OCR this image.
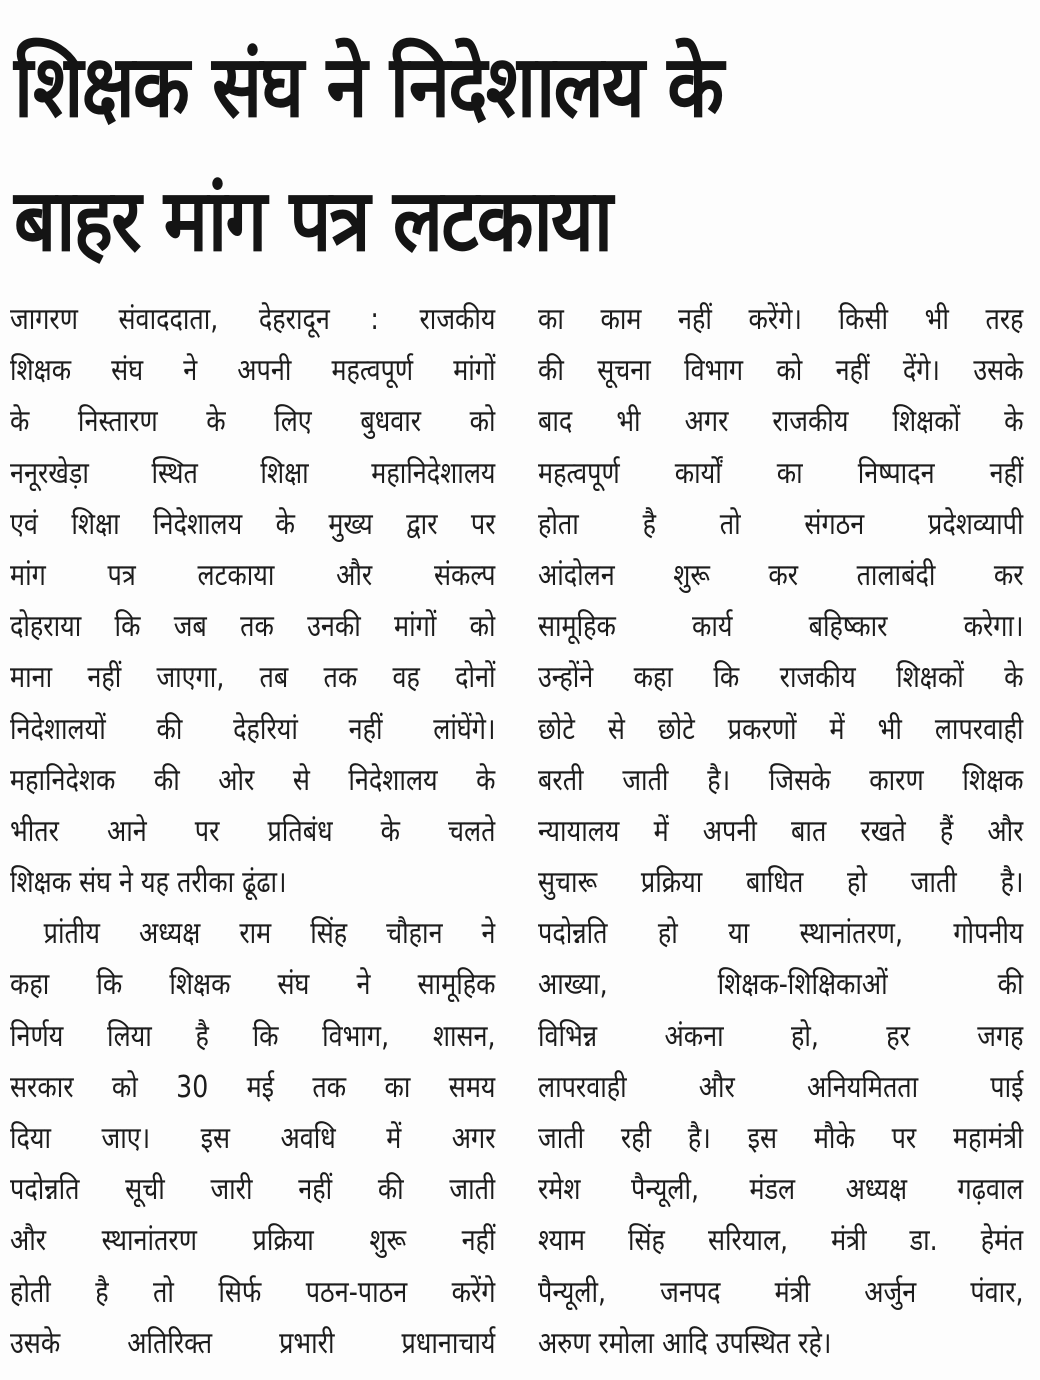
शिक्षक संघ ने निदेशालय के
बाहर मांग पत्र लटकाया
जागरण संवाददाता, देहरादून : राजकीय
शिक्षक संघ ने अपनी महत्वपूर्ण मांगों
के निस्तारण के लिए बुधवार को
ननूरखेड़ा स्थित शिक्षा महानिदेशालय
एवं शिक्षा निदेशालय के मुख्य द्वार पर
मांग पत्र लटकाया और संकल्प
दोहराया कि जब तक उनकी मांगों को
माना नहीं जाएगा, तब तक वह दोनों
निदेशालयों की देहरियां नहीं लांघेंगे।
महानिदेशक की ओर से निदेशालय के
भीतर आने पर प्रतिबंध के चलते
शिक्षक संघ ने यह तरीका ढूंढा।
प्रांतीय अध्यक्ष राम सिंह चौहान ने
कहा कि शिक्षक संघ ने सामूहिक
निर्णय लिया है कि विभाग, शासन,
सरकार को 30 मई तक का समय
दिया जाए। इस अवधि में अगर
पदोन्नति सूची जारी नहीं की जाती
और स्थानांतरण प्रक्रिया शुरू नहीं
होती है तो सिर्फ पठन-पाठन करेंगे
उसके अतिरिक्त प्रभारी प्रधानाचार्य
का काम नहीं करेंगे। किसी भी तरह
की सूचना विभाग को नहीं देंगे। उसके
बाद भी अगर राजकीय शिक्षकों के
महत्वपूर्ण कार्यों का निष्पादन नहीं
होता है तो संगठन प्रदेशव्यापी
आंदोलन शुरू कर तालाबंदी कर
सामूहिक कार्य बहिष्कार करेगा।
उन्होंने कहा कि राजकीय शिक्षकों के
छोटे से छोटे प्रकरणों में भी लापरवाही
बरती जाती है। जिसके कारण शिक्षक
न्यायालय में अपनी बात रखते हैं और
सुचारू प्रक्रिया बाधित हो जाती है।
पदोन्नति हो या स्थानांतरण, गोपनीय
आख्या, शिक्षक-शिक्षिकाओं की
विभिन्न अंकना हो, हर जगह
लापरवाही और अनियमितता पाई
जाती रही है। इस मौके पर महामंत्री
रमेश पैन्यूली, मंडल अध्यक्ष गढ़वाल
श्याम सिंह सरियाल, मंत्री डा. हेमंत
पैन्यूली, जनपद मंत्री अर्जुन पंवार,
अरुण रमोला आदि उपस्थित रहे।
